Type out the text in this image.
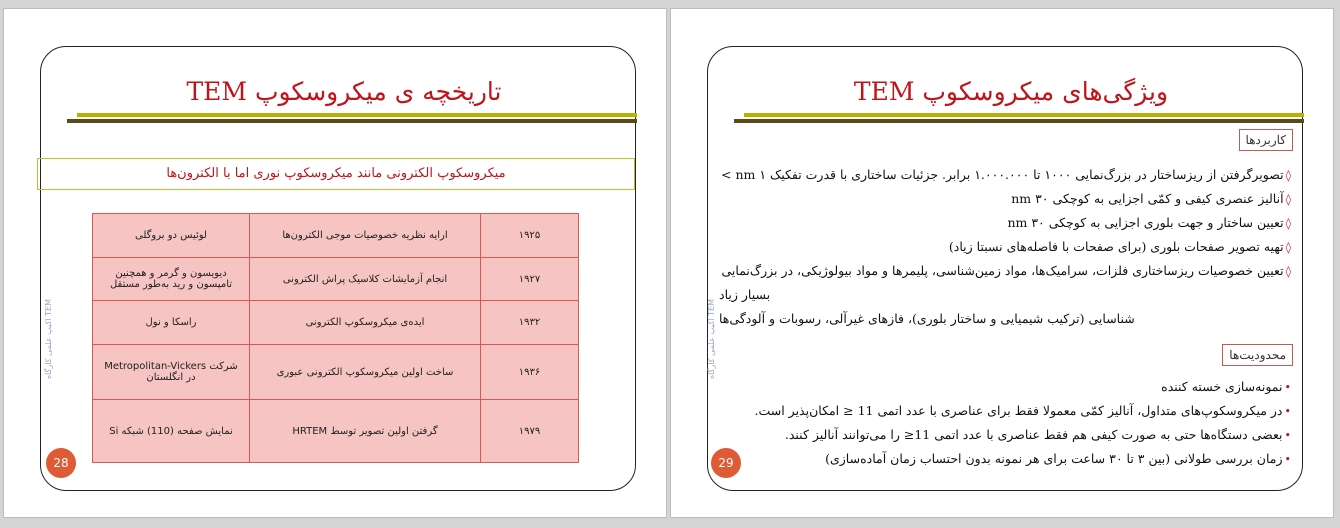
تاریخچه ی میکروسکوپ TEM
میکروسکوپ الکترونی مانند میکروسکوپ نوری اما با الکترون‌ها
اکیپ علمی کارگاه TEM
لوئیس دو بروگلی	ارایه نظریه خصوصیات موجی الکترون‌ها	۱۹۲۵
دیویسون و گرمر و همچنین تامپسون و رید به‌طور مستقل	انجام آزمایشات کلاسیک پراش الکترونی	۱۹۲۷
راسکا و نول	ایده‌ی میکروسکوپ الکترونی	۱۹۳۲
شرکت Metropolitan-Vickers در انگلستان	ساخت اولین میکروسکوپ الکترونی عبوری	۱۹۳۶
نمایش صفحه (110) شبکه Si	گرفتن اولین تصویر توسط HRTEM	۱۹۷۹
28
ویژگی‌های میکروسکوپ TEM
اکیپ علمی کارگاه TEM
کاربردها
◊تصویرگرفتن از ریزساختار در بزرگ‌نمایی ۱۰۰۰ تا ۱.۰۰۰.۰۰۰ برابر. جزئیات ساختاری با قدرت تفکیک ۱ nm >
◊آنالیز عنصری کیفی و کمّی اجزایی به کوچکی ۳۰ nm
◊تعیین ساختار و جهت بلوری اجزایی به کوچکی ۳۰ nm
◊تهیه تصویر صفحات بلوری (برای صفحات با فاصله‌های نسبتا زیاد)
◊تعیین خصوصیات ریزساختاری فلزات، سرامیک‌ها، مواد زمین‌شناسی، پلیمرها و مواد بیولوژیکی، در بزرگ‌نمایی
بسیار زیاد
شناسایی (ترکیب شیمیایی و ساختار بلوری)، فازهای غیرآلی، رسوبات و آلودگی‌ها
محدودیت‌ها
•نمونه‌سازی خسته کننده
•در میکروسکوپ‌های متداول، آنالیز کمّی معمولا فقط برای عناصری با عدد اتمی 11 ≤ امکان‌پذیر است.
•بعضی دستگاه‌ها حتی به صورت کیفی هم فقط عناصری با عدد اتمی 11≤ را می‌توانند آنالیز کنند.
•زمان بررسی طولانی (بین ۳ تا ۳۰ ساعت برای هر نمونه بدون احتساب زمان آماده‌سازی)
29
